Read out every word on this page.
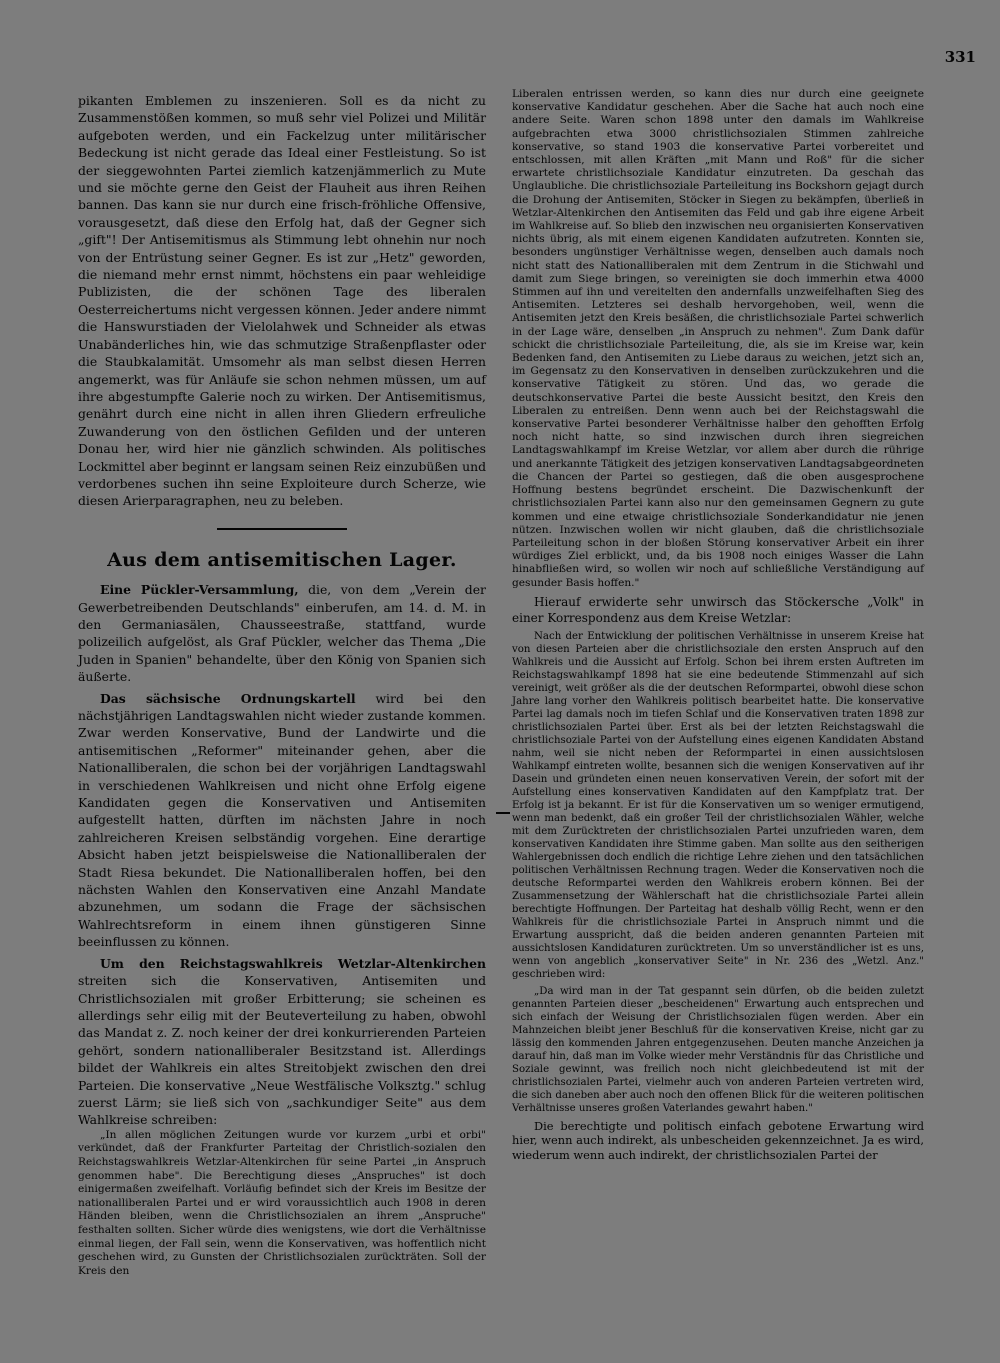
331

pikanten Emblemen zu inszenieren. Soll es da nicht zu Zusammenstößen kommen, so muß sehr viel Polizei und Militär aufgeboten werden, und ein Fackelzug unter militärischer Bedeckung ist nicht gerade das Ideal einer Festleistung. So ist der sieggewohnten Partei ziemlich katzenjämmerlich zu Mute und sie möchte gerne den Geist der Flauheit aus ihren Reihen bannen. Das kann sie nur durch eine frisch-fröhliche Offensive, vorausgesetzt, daß diese den Erfolg hat, daß der Gegner sich „gift"! Der Antisemitismus als Stimmung lebt ohnehin nur noch von der Entrüstung seiner Gegner. Es ist zur „Hetz" geworden, die niemand mehr ernst nimmt, höchstens ein paar wehleidige Publizisten, die der schönen Tage des liberalen Oesterreichertums nicht vergessen können. Jeder andere nimmt die Hanswurstiaden der Vielolahwek und Schneider als etwas Unabänderliches hin, wie das schmutzige Straßenpflaster oder die Staubkalamität. Umsomehr als man selbst diesen Herren angemerkt, was für Anläufe sie schon nehmen müssen, um auf ihre abgestumpfte Galerie noch zu wirken. Der Antisemitismus, genährt durch eine nicht in allen ihren Gliedern erfreuliche Zuwanderung von den östlichen Gefilden und der unteren Donau her, wird hier nie gänzlich schwinden. Als politisches Lockmittel aber beginnt er langsam seinen Reiz einzubüßen und verdorbenes suchen ihn seine Exploiteure durch Scherze, wie diesen Arierparagraphen, neu zu beleben.

Aus dem antisemitischen Lager.

Eine Pückler-Versammlung, die, von dem „Verein der Gewerbetreibenden Deutschlands" einberufen, am 14. d. M. in den Germaniasälen, Chausseestraße, stattfand, wurde polizeilich aufgelöst, als Graf Pückler, welcher das Thema „Die Juden in Spanien" behandelte, über den König von Spanien sich äußerte.

Das sächsische Ordnungskartell wird bei den nächstjährigen Landtagswahlen nicht wieder zustande kommen. Zwar werden Konservative, Bund der Landwirte und die antisemitischen „Reformer" miteinander gehen, aber die Nationalliberalen, die schon bei der vorjährigen Landtagswahl in verschiedenen Wahlkreisen und nicht ohne Erfolg eigene Kandidaten gegen die Konservativen und Antisemiten aufgestellt hatten, dürften im nächsten Jahre in noch zahlreicheren Kreisen selbständig vorgehen. Eine derartige Absicht haben jetzt beispielsweise die Nationalliberalen der Stadt Riesa bekundet. Die Nationalliberalen hoffen, bei den nächsten Wahlen den Konservativen eine Anzahl Mandate abzunehmen, um sodann die Frage der sächsischen Wahlrechtsreform in einem ihnen günstigeren Sinne beeinflussen zu können.

Um den Reichstagswahlkreis Wetzlar-Altenkirchen streiten sich die Konservativen, Antisemiten und Christlichsozialen mit großer Erbitterung; sie scheinen es allerdings sehr eilig mit der Beuteverteilung zu haben, obwohl das Mandat z. Z. noch keiner der drei konkurrierenden Parteien gehört, sondern nationalliberaler Besitzstand ist. Allerdings bildet der Wahlkreis ein altes Streitobjekt zwischen den drei Parteien. Die konservative „Neue Westfälische Volksztg." schlug zuerst Lärm; sie ließ sich von „sachkundiger Seite" aus dem Wahlkreise schreiben:

„In allen möglichen Zeitungen wurde vor kurzem „urbi et orbi" verkündet, daß der Frankfurter Parteitag der Christlich-sozialen den Reichstagswahlkreis Wetzlar-Altenkirchen für seine Partei „in Anspruch genommen habe". Die Berechtigung dieses „Anspruches" ist doch einigermaßen zweifelhaft. Vorläufig befindet sich der Kreis im Besitze der nationalliberalen Partei und er wird voraussichtlich auch 1908 in deren Händen bleiben, wenn die Christlichsozialen an ihrem „Anspruche" festhalten sollten. Sicher würde dies wenigstens, wie dort die Verhältnisse einmal liegen, der Fall sein, wenn die Konservativen, was hoffentlich nicht geschehen wird, zu Gunsten der Christlichsozialen zurückträten. Soll der Kreis den

Liberalen entrissen werden, so kann dies nur durch eine geeignete konservative Kandidatur geschehen. Aber die Sache hat auch noch eine andere Seite. Waren schon 1898 unter den damals im Wahlkreise aufgebrachten etwa 3000 christlichsozialen Stimmen zahlreiche konservative, so stand 1903 die konservative Partei vorbereitet und entschlossen, mit allen Kräften „mit Mann und Roß" für die sicher erwartete christlichsoziale Kandidatur einzutreten. Da geschah das Unglaubliche. Die christlichsoziale Parteileitung ins Bockshorn gejagt durch die Drohung der Antisemiten, Stöcker in Siegen zu bekämpfen, überließ in Wetzlar-Altenkirchen den Antisemiten das Feld und gab ihre eigene Arbeit im Wahlkreise auf. So blieb den inzwischen neu organisierten Konservativen nichts übrig, als mit einem eigenen Kandidaten aufzutreten. Konnten sie, besonders ungünstiger Verhältnisse wegen, denselben auch damals noch nicht statt des Nationalliberalen mit dem Zentrum in die Stichwahl und damit zum Siege bringen, so vereinigten sie doch immerhin etwa 4000 Stimmen auf ihn und vereitelten den andernfalls unzweifelhaften Sieg des Antisemiten. Letzteres sei deshalb hervorgehoben, weil, wenn die Antisemiten jetzt den Kreis besäßen, die christlichsoziale Partei schwerlich in der Lage wäre, denselben „in Anspruch zu nehmen". Zum Dank dafür schickt die christlichsoziale Parteileitung, die, als sie im Kreise war, kein Bedenken fand, den Antisemiten zu Liebe daraus zu weichen, jetzt sich an, im Gegensatz zu den Konservativen in denselben zurückzukehren und die konservative Tätigkeit zu stören. Und das, wo gerade die deutschkonservative Partei die beste Aussicht besitzt, den Kreis den Liberalen zu entreißen. Denn wenn auch bei der Reichstagswahl die konservative Partei besonderer Verhältnisse halber den gehofften Erfolg noch nicht hatte, so sind inzwischen durch ihren siegreichen Landtagswahlkampf im Kreise Wetzlar, vor allem aber durch die rührige und anerkannte Tätigkeit des jetzigen konservativen Landtagsabgeordneten die Chancen der Partei so gestiegen, daß die oben ausgesprochene Hoffnung bestens begründet erscheint. Die Dazwischenkunft der christlichsozialen Partei kann also nur den gemeinsamen Gegnern zu gute kommen und eine etwaige christlichsoziale Sonderkandidatur nie jenen nützen. Inzwischen wollen wir nicht glauben, daß die christlichsoziale Parteileitung schon in der bloßen Störung konservativer Arbeit ein ihrer würdiges Ziel erblickt, und, da bis 1908 noch einiges Wasser die Lahn hinabfließen wird, so wollen wir noch auf schließliche Verständigung auf gesunder Basis hoffen."

Hierauf erwiderte sehr unwirsch das Stöckersche „Volk" in einer Korrespondenz aus dem Kreise Wetzlar:

Nach der Entwicklung der politischen Verhältnisse in unserem Kreise hat von diesen Parteien aber die christlichsoziale den ersten Anspruch auf den Wahlkreis und die Aussicht auf Erfolg. Schon bei ihrem ersten Auftreten im Reichstagswahlkampf 1898 hat sie eine bedeutende Stimmenzahl auf sich vereinigt, weit größer als die der deutschen Reformpartei, obwohl diese schon Jahre lang vorher den Wahlkreis politisch bearbeitet hatte. Die konservative Partei lag damals noch im tiefen Schlaf und die Konservativen traten 1898 zur christlichsozialen Partei über. Erst als bei der letzten Reichstagswahl die christlichsoziale Partei von der Aufstellung eines eigenen Kandidaten Abstand nahm, weil sie nicht neben der Reformpartei in einen aussichtslosen Wahlkampf eintreten wollte, besannen sich die wenigen Konservativen auf ihr Dasein und gründeten einen neuen konservativen Verein, der sofort mit der Aufstellung eines konservativen Kandidaten auf den Kampfplatz trat. Der Erfolg ist ja bekannt. Er ist für die Konservativen um so weniger ermutigend, wenn man bedenkt, daß ein großer Teil der christlichsozialen Wähler, welche mit dem Zurücktreten der christlichsozialen Partei unzufrieden waren, dem konservativen Kandidaten ihre Stimme gaben. Man sollte aus den seitherigen Wahlergebnissen doch endlich die richtige Lehre ziehen und den tatsächlichen politischen Verhältnissen Rechnung tragen. Weder die Konservativen noch die deutsche Reformpartei werden den Wahlkreis erobern können. Bei der Zusammensetzung der Wählerschaft hat die christlichsoziale Partei allein berechtigte Hoffnungen. Der Parteitag hat deshalb völlig Recht, wenn er den Wahlkreis für die christlichsoziale Partei in Anspruch nimmt und die Erwartung ausspricht, daß die beiden anderen genannten Parteien mit aussichtslosen Kandidaturen zurücktreten. Um so unverständlicher ist es uns, wenn von angeblich „konservativer Seite" in Nr. 236 des „Wetzl. Anz." geschrieben wird:

„Da wird man in der Tat gespannt sein dürfen, ob die beiden zuletzt genannten Parteien dieser „bescheidenen" Erwartung auch entsprechen und sich einfach der Weisung der Christlichsozialen fügen werden. Aber ein Mahnzeichen bleibt jener Beschluß für die konservativen Kreise, nicht gar zu lässig den kommenden Jahren entgegenzusehen. Deuten manche Anzeichen ja darauf hin, daß man im Volke wieder mehr Verständnis für das Christliche und Soziale gewinnt, was freilich noch nicht gleichbedeutend ist mit der christlichsozialen Partei, vielmehr auch von anderen Parteien vertreten wird, die sich daneben aber auch noch den offenen Blick für die weiteren politischen Verhältnisse unseres großen Vaterlandes gewahrt haben."

Die berechtigte und politisch einfach gebotene Erwartung wird hier, wenn auch indirekt, als unbescheiden gekennzeichnet. Ja es wird, wiederum wenn auch indirekt, der christlichsozialen Partei der
